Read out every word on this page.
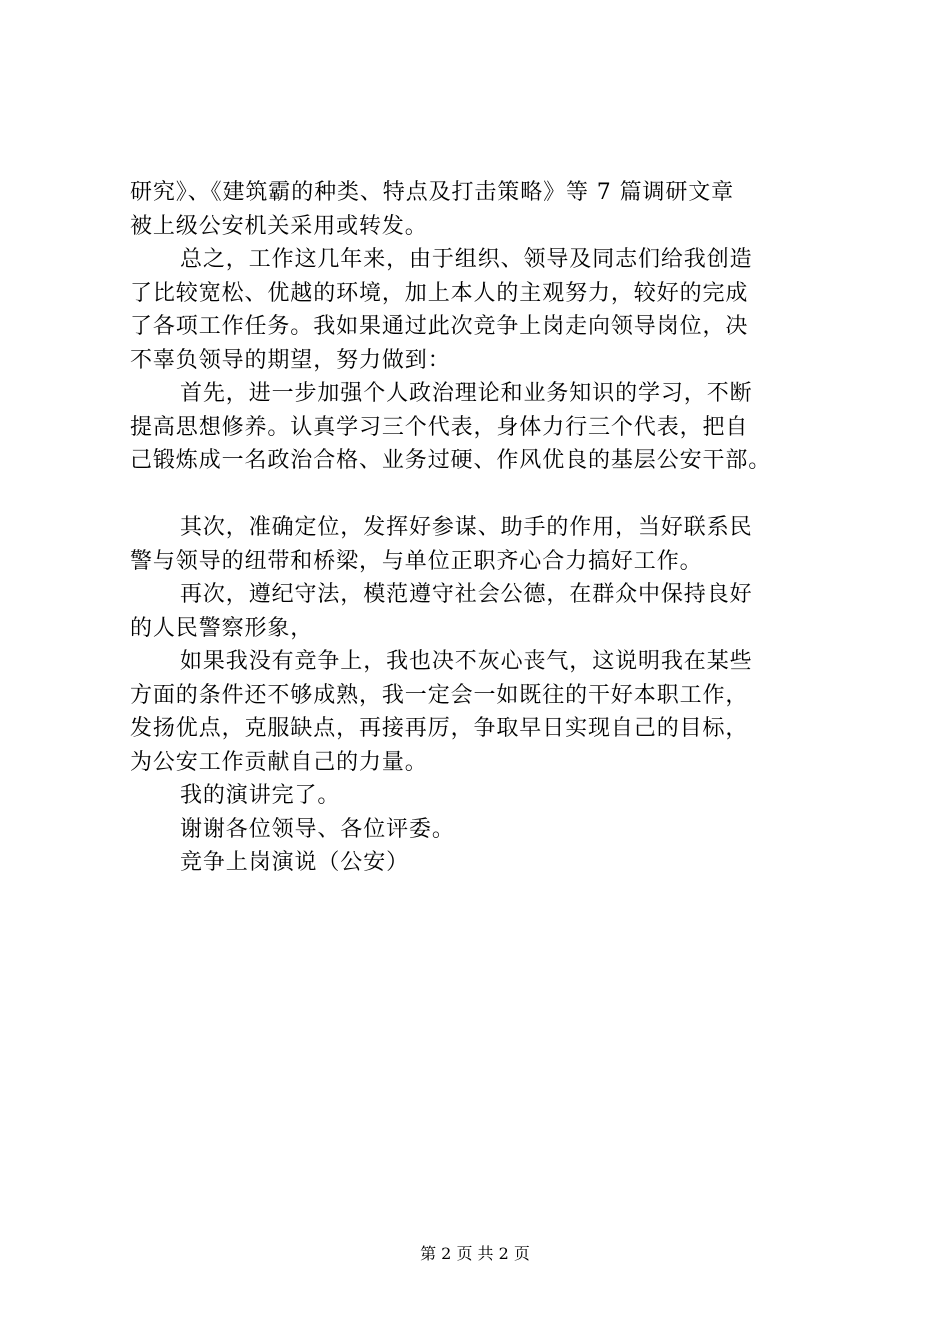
研究》、《建筑霸的种类、特点及打击策略》等 7 篇调研文章
被上级公安机关采用或转发。
总之，工作这几年来，由于组织、领导及同志们给我创造
了比较宽松、优越的环境，加上本人的主观努力，较好的完成
了各项工作任务。我如果通过此次竞争上岗走向领导岗位，决
不辜负领导的期望，努力做到：
首先，进一步加强个人政治理论和业务知识的学习，不断
提高思想修养。认真学习三个代表，身体力行三个代表，把自
己锻炼成一名政治合格、业务过硬、作风优良的基层公安干部。
其次，准确定位，发挥好参谋、助手的作用，当好联系民
警与领导的纽带和桥梁，与单位正职齐心合力搞好工作。
再次，遵纪守法，模范遵守社会公德，在群众中保持良好
的人民警察形象，
如果我没有竞争上，我也决不灰心丧气，这说明我在某些
方面的条件还不够成熟，我一定会一如既往的干好本职工作，
发扬优点，克服缺点，再接再厉，争取早日实现自己的目标，
为公安工作贡献自己的力量。
我的演讲完了。
谢谢各位领导、各位评委。
竞争上岗演说（公安）
第 2 页 共 2 页
